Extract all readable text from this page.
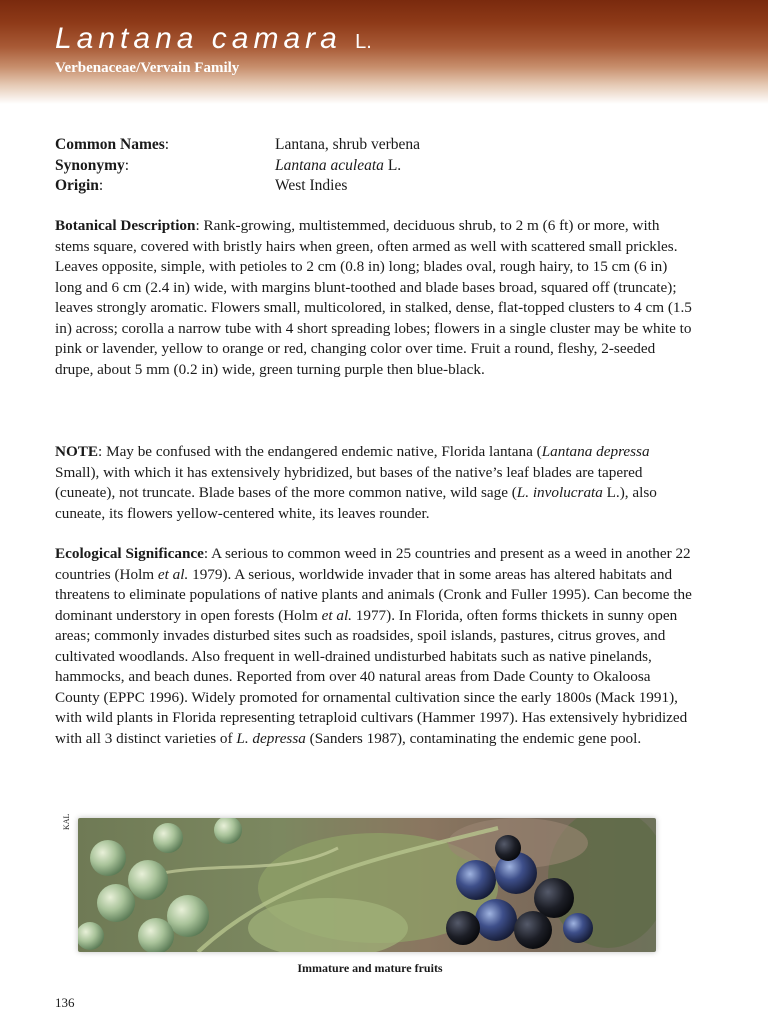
Lantana camara L.
Verbenaceae/Vervain Family
Common Names:	Lantana, shrub verbena
Synonymy:	Lantana aculeata L.
Origin:	West Indies

Botanical Description: Rank-growing, multistemmed, deciduous shrub, to 2 m (6 ft) or more, with stems square, covered with bristly hairs when green, often armed as well with scattered small prickles. Leaves opposite, simple, with petioles to 2 cm (0.8 in) long; blades oval, rough hairy, to 15 cm (6 in) long and 6 cm (2.4 in) wide, with margins blunt-toothed and blade bases broad, squared off (truncate); leaves strongly aromatic. Flowers small, multicolored, in stalked, dense, flat-topped clusters to 4 cm (1.5 in) across; corolla a narrow tube with 4 short spreading lobes; flowers in a single cluster may be white to pink or lavender, yellow to orange or red, changing color over time. Fruit a round, fleshy, 2-seeded drupe, about 5 mm (0.2 in) wide, green turning purple then blue-black.

NOTE: May be confused with the endangered endemic native, Florida lantana (Lantana depressa Small), with which it has extensively hybridized, but bases of the native’s leaf blades are tapered (cuneate), not truncate. Blade bases of the more common native, wild sage (L. involucrata L.), also cuneate, its flowers yellow-centered white, its leaves rounder.

Ecological Significance: A serious to common weed in 25 countries and present as a weed in another 22 countries (Holm et al. 1979). A serious, worldwide invader that in some areas has altered habitats and threatens to eliminate populations of native plants and animals (Cronk and Fuller 1995). Can become the dominant understory in open forests (Holm et al. 1977). In Florida, often forms thickets in sunny open areas; commonly invades disturbed sites such as roadsides, spoil islands, pastures, citrus groves, and cultivated woodlands. Also frequent in well-drained undisturbed habitats such as native pinelands, hammocks, and beach dunes. Reported from over 40 natural areas from Dade County to Okaloosa County (EPPC 1996). Widely promoted for ornamental cultivation since the early 1800s (Mack 1991), with wild plants in Florida representing tetraploid cultivars (Hammer 1997). Has extensively hybridized with all 3 distinct varieties of L. depressa (Sanders 1987), contaminating the endemic gene pool.

KAL
Immature and mature fruits
136
